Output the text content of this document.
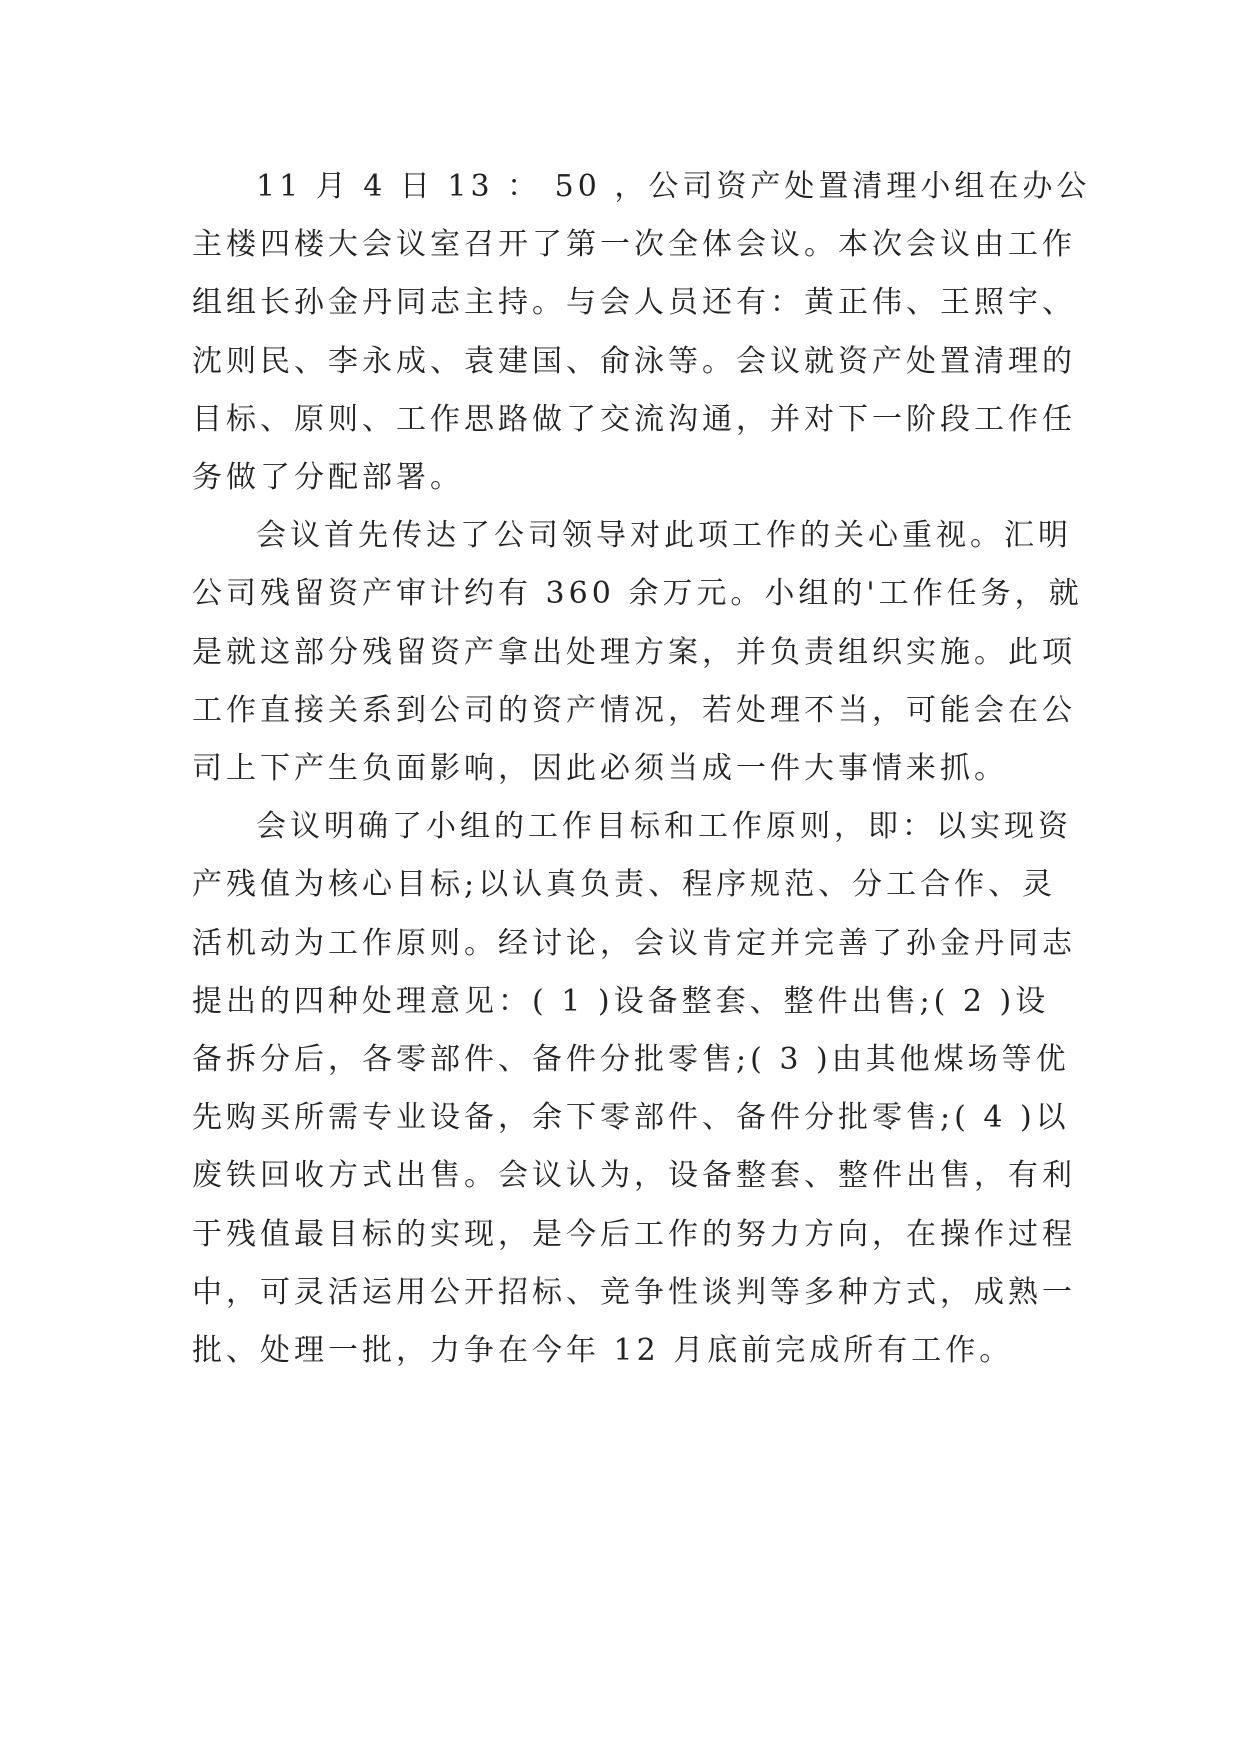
11 月 4 日 13 ： 50 ，公司资产处置清理小组在办公
主楼四楼大会议室召开了第一次全体会议。本次会议由工作
组组长孙金丹同志主持。与会人员还有：黄正伟、王照宇、
沈则民、李永成、袁建国、俞泳等。会议就资产处置清理的
目标、原则、工作思路做了交流沟通，并对下一阶段工作任
务做了分配部署。
会议首先传达了公司领导对此项工作的关心重视。汇明
公司残留资产审计约有 360 余万元。小组的'工作任务，就
是就这部分残留资产拿出处理方案，并负责组织实施。此项
工作直接关系到公司的资产情况，若处理不当，可能会在公
司上下产生负面影响，因此必须当成一件大事情来抓。
会议明确了小组的工作目标和工作原则，即：以实现资
产残值为核心目标;以认真负责、程序规范、分工合作、灵
活机动为工作原则。经讨论，会议肯定并完善了孙金丹同志
提出的四种处理意见：( 1 )设备整套、整件出售;( 2 )设
备拆分后，各零部件、备件分批零售;( 3 )由其他煤场等优
先购买所需专业设备，余下零部件、备件分批零售;( 4 )以
废铁回收方式出售。会议认为，设备整套、整件出售，有利
于残值最目标的实现，是今后工作的努力方向，在操作过程
中，可灵活运用公开招标、竞争性谈判等多种方式，成熟一
批、处理一批，力争在今年 12 月底前完成所有工作。
